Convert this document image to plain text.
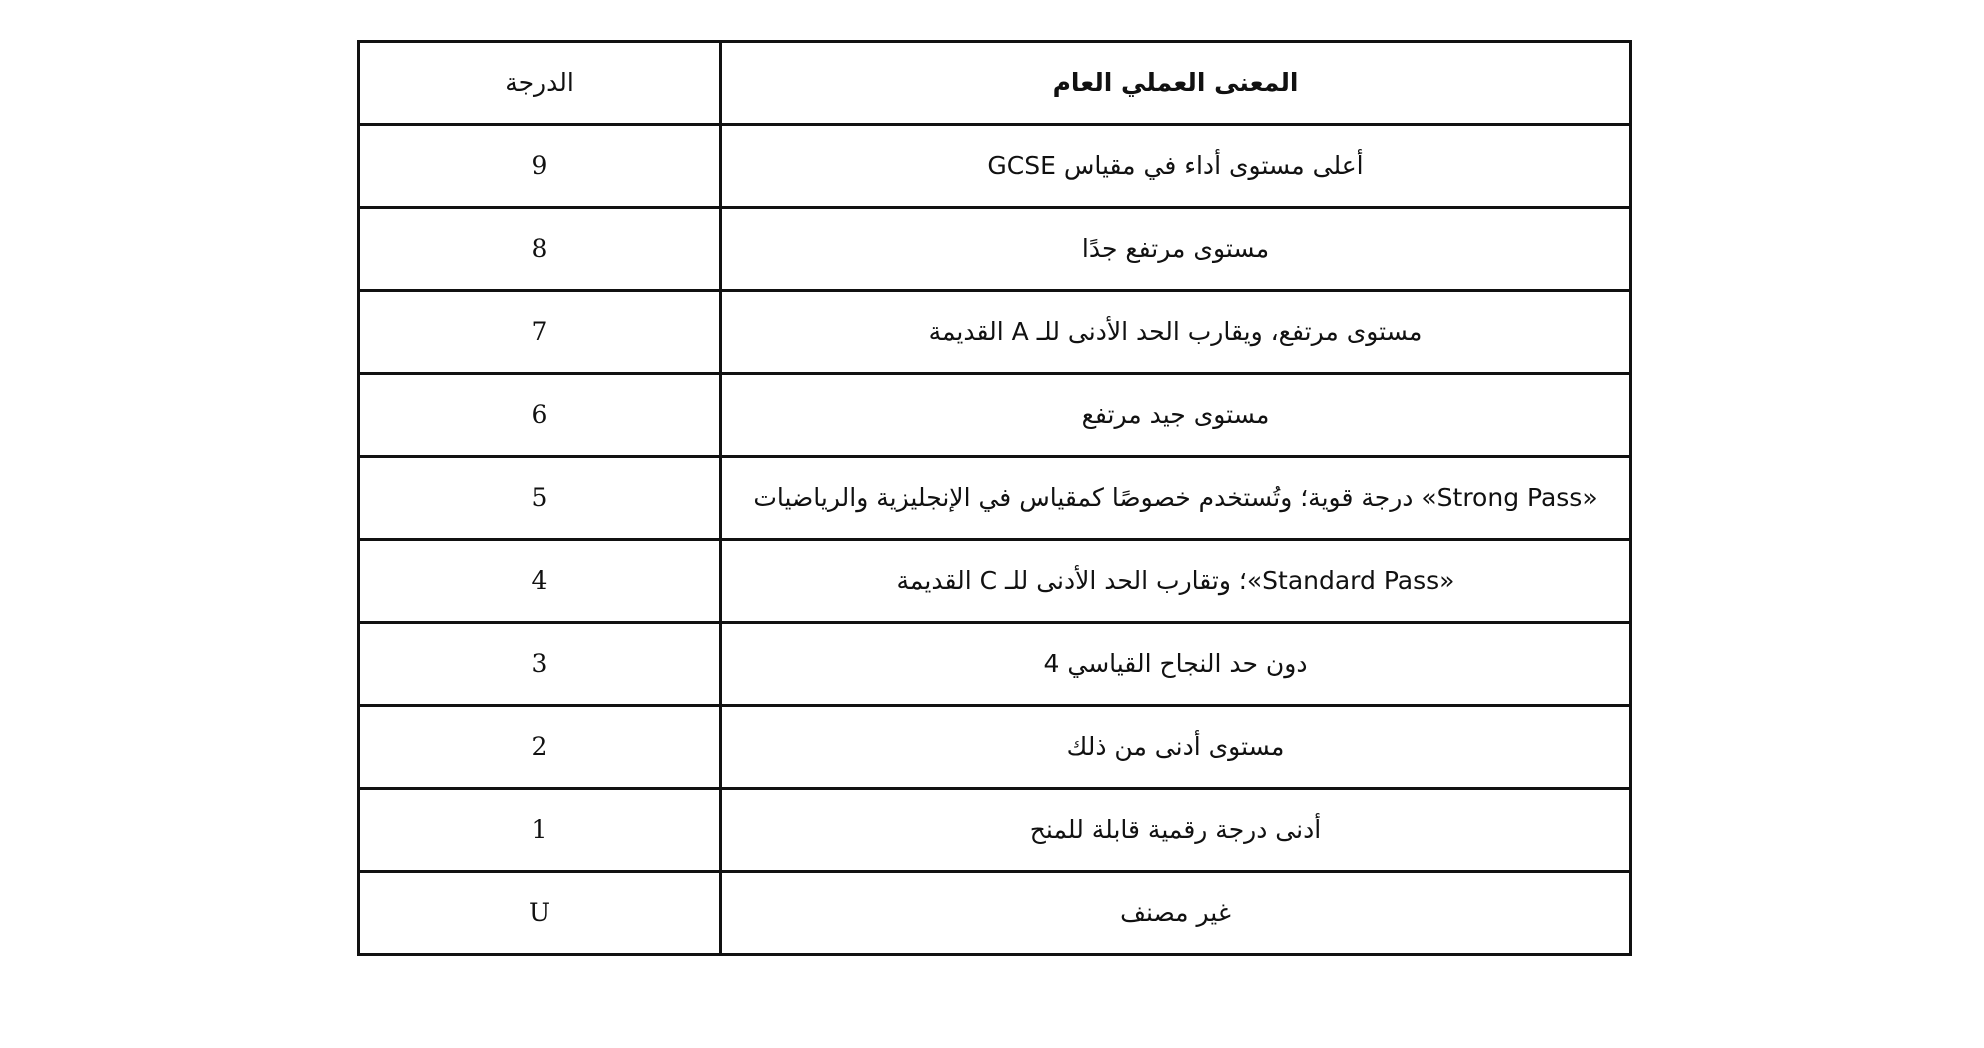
الدرجة	المعنى العملي العام
9	أعلى مستوى أداء في مقياس GCSE
8	مستوى مرتفع جدًا
7	مستوى مرتفع، ويقارب الحد الأدنى للـ A القديمة
6	مستوى جيد مرتفع
5	«Strong Pass» درجة قوية؛ وتُستخدم خصوصًا كمقياس في الإنجليزية والرياضيات
4	«Standard Pass»؛ وتقارب الحد الأدنى للـ C القديمة
3	دون حد النجاح القياسي 4
2	مستوى أدنى من ذلك
1	أدنى درجة رقمية قابلة للمنح
U	غير مصنف
